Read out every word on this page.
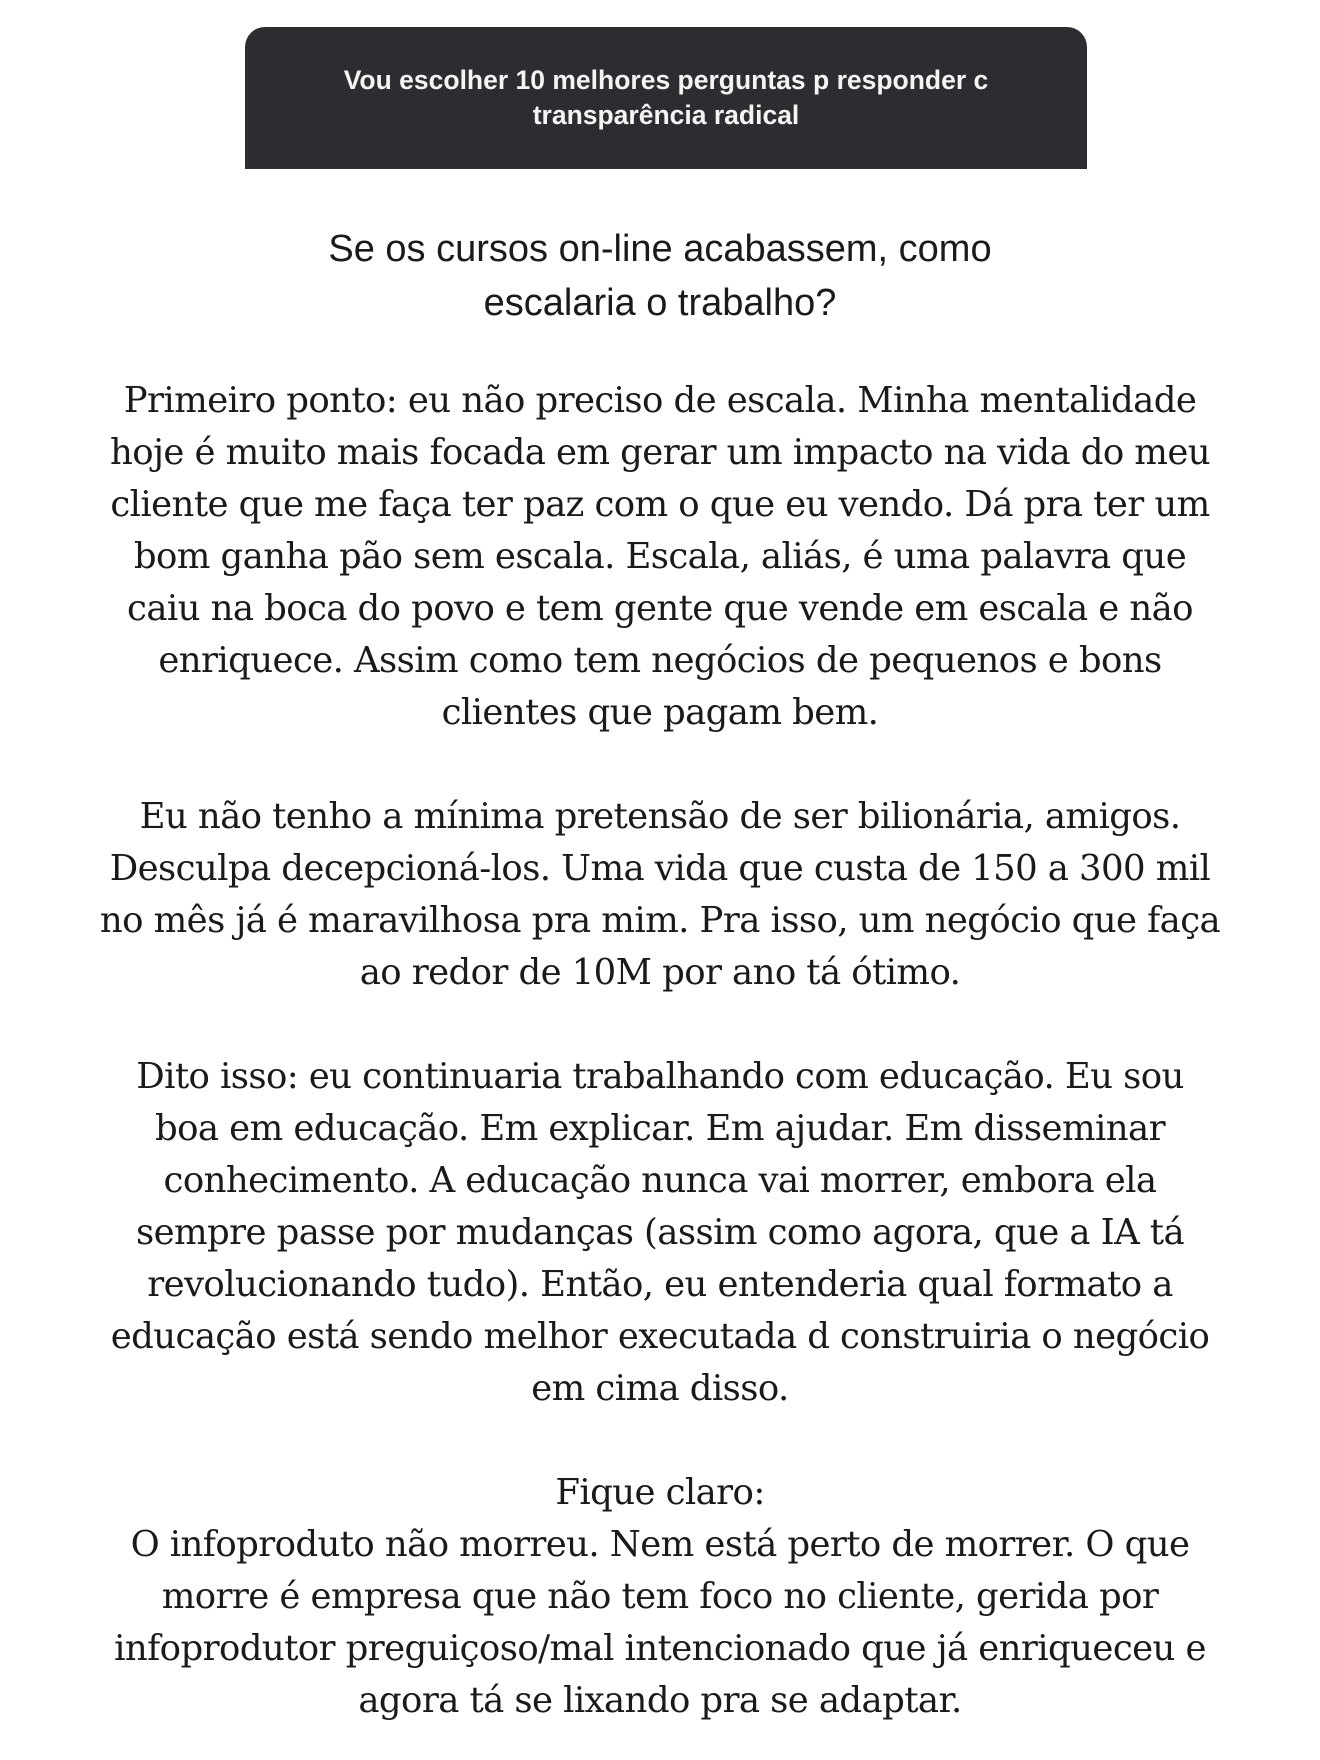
Vou escolher 10 melhores perguntas p responder c
transparência radical
Se os cursos on-line acabassem, como
escalaria o trabalho?

Primeiro ponto: eu não preciso de escala. Minha mentalidade
hoje é muito mais focada em gerar um impacto na vida do meu
cliente que me faça ter paz com o que eu vendo. Dá pra ter um
bom ganha pão sem escala. Escala, aliás, é uma palavra que
caiu na boca do povo e tem gente que vende em escala e não
enriquece. Assim como tem negócios de pequenos e bons
clientes que pagam bem.

Eu não tenho a mínima pretensão de ser bilionária, amigos.
Desculpa decepcioná-los. Uma vida que custa de 150 a 300 mil
no mês já é maravilhosa pra mim. Pra isso, um negócio que faça
ao redor de 10M por ano tá ótimo.

Dito isso: eu continuaria trabalhando com educação. Eu sou
boa em educação. Em explicar. Em ajudar. Em disseminar
conhecimento. A educação nunca vai morrer, embora ela
sempre passe por mudanças (assim como agora, que a IA tá
revolucionando tudo). Então, eu entenderia qual formato a
educação está sendo melhor executada d construiria o negócio
em cima disso.

Fique claro:
O infoproduto não morreu. Nem está perto de morrer. O que
morre é empresa que não tem foco no cliente, gerida por
infoprodutor preguiçoso/mal intencionado que já enriqueceu e
agora tá se lixando pra se adaptar.
